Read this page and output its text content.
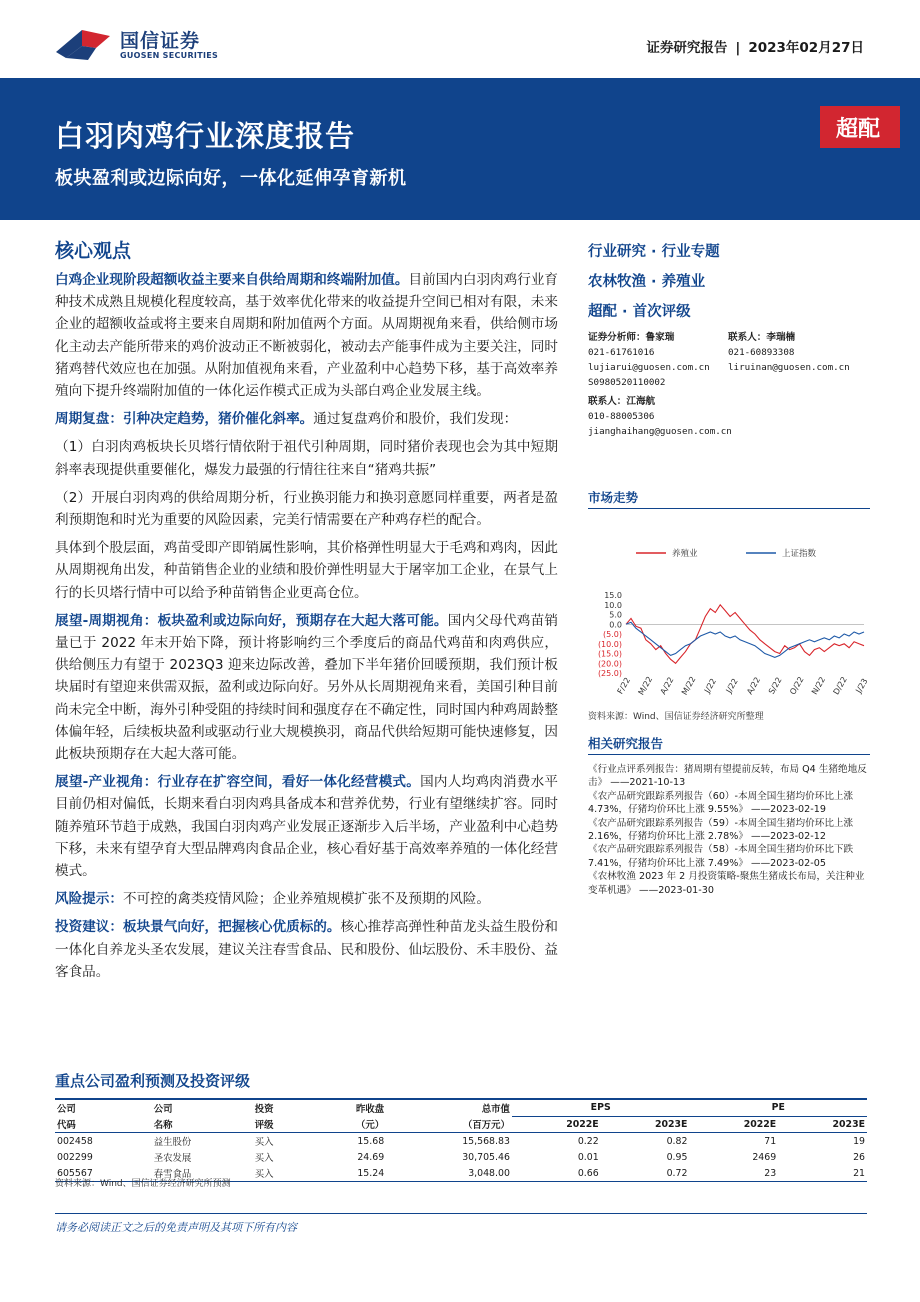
国信证券
GUOSEN SECURITIES	证券研究报告 | 2023年02月27日
白羽肉鸡行业深度报告
板块盈利或边际向好，一体化延伸孕育新机
超配
核心观点

白鸡企业现阶段超额收益主要来自供给周期和终端附加值。目前国内白羽肉鸡行业育种技术成熟且规模化程度较高，基于效率优化带来的收益提升空间已相对有限，未来企业的超额收益或将主要来自周期和附加值两个方面。从周期视角来看，供给侧市场化主动去产能所带来的鸡价波动正不断被弱化，被动去产能事件成为主要关注，同时猪鸡替代效应也在加强。从附加值视角来看，产业盈利中心趋势下移，基于高效率养殖向下提升终端附加值的一体化运作模式正成为头部白鸡企业发展主线。

周期复盘：引种决定趋势，猪价催化斜率。通过复盘鸡价和股价，我们发现：

（1）白羽肉鸡板块长贝塔行情依附于祖代引种周期，同时猪价表现也会为其中短期斜率表现提供重要催化，爆发力最强的行情往往来自“猪鸡共振”

（2）开展白羽肉鸡的供给周期分析，行业换羽能力和换羽意愿同样重要，两者是盈利预期饱和时光为重要的风险因素，完美行情需要在产种鸡存栏的配合。

具体到个股层面，鸡苗受即产即销属性影响，其价格弹性明显大于毛鸡和鸡肉，因此从周期视角出发，种苗销售企业的业绩和股价弹性明显大于屠宰加工企业，在景气上行的长贝塔行情中可以给予种苗销售企业更高仓位。

展望-周期视角：板块盈利或边际向好，预期存在大起大落可能。国内父母代鸡苗销量已于 2022 年末开始下降，预计将影响约三个季度后的商品代鸡苗和肉鸡供应，供给侧压力有望于 2023Q3 迎来边际改善，叠加下半年猪价回暖预期，我们预计板块届时有望迎来供需双振，盈利或边际向好。另外从长周期视角来看，美国引种目前尚未完全中断，海外引种受阻的持续时间和强度存在不确定性，同时国内种鸡周龄整体偏年轻，后续板块盈利或驱动行业大规模换羽，商品代供给短期可能快速修复，因此板块预期存在大起大落可能。

展望-产业视角：行业存在扩容空间，看好一体化经营模式。国内人均鸡肉消费水平目前仍相对偏低，长期来看白羽肉鸡具备成本和营养优势，行业有望继续扩容。同时随养殖环节趋于成熟，我国白羽肉鸡产业发展正逐渐步入后半场，产业盈利中心趋势下移，未来有望孕育大型品牌鸡肉食品企业，核心看好基于高效率养殖的一体化经营模式。

风险提示：不可控的禽类疫情风险；企业养殖规模扩张不及预期的风险。

投资建议：板块景气向好，把握核心优质标的。核心推荐高弹性种苗龙头益生股份和一体化自养龙头圣农发展，建议关注春雪食品、民和股份、仙坛股份、禾丰股份、益客食品。

行业研究 · 行业专题
农林牧渔 · 养殖业
超配 · 首次评级
证券分析师：鲁家瑞
021-61761016
lujiarui@guosen.com.cn
S0980520110002
联系人：江海航
010-88005306
jianghaihang@guosen.com.cn
联系人：李瑞楠
021-60893308
liruinan@guosen.com.cn
市场走势
养殖业	上证指数
15.0
10.0
5.0
0.0
(5.0)
(10.0)
(15.0)
(20.0)
(25.0)
F/22 M/22 A/22 M/22 J/22 J/22 A/22 S/22 O/22 N/22 D/22 J/23
资料来源：Wind、国信证券经济研究所整理
相关研究报告
《行业点评系列报告：猪周期有望提前反转，布局 Q4 生猪绝地反击》 ——2021-10-13
《农产品研究跟踪系列报告（60）-本周全国生猪均价环比上涨 4.73%，仔猪均价环比上涨 9.55%》 ——2023-02-19
《农产品研究跟踪系列报告（59）-本周全国生猪均价环比上涨 2.16%，仔猪均价环比上涨 2.78%》 ——2023-02-12
《农产品研究跟踪系列报告（58）-本周全国生猪均价环比下跌 7.41%，仔猪均价环比上涨 7.49%》 ——2023-02-05
《农林牧渔 2023 年 2 月投资策略-聚焦生猪成长布局，关注种业变革机遇》 ——2023-01-30
重点公司盈利预测及投资评级
公司	公司	投资	昨收盘	总市值	EPS		PE	
代码	名称	评级	（元）	（百万元）	2022E	2023E	2022E	2023E
002458	益生股份	买入	15.68	15,568.83	0.22	0.82	71	19
002299	圣农发展	买入	24.69	30,705.46	0.01	0.95	2469	26
605567	春雪食品	买入	15.24	3,048.00	0.66	0.72	23	21
资料来源：Wind、国信证券经济研究所预测
请务必阅读正文之后的免责声明及其项下所有内容
